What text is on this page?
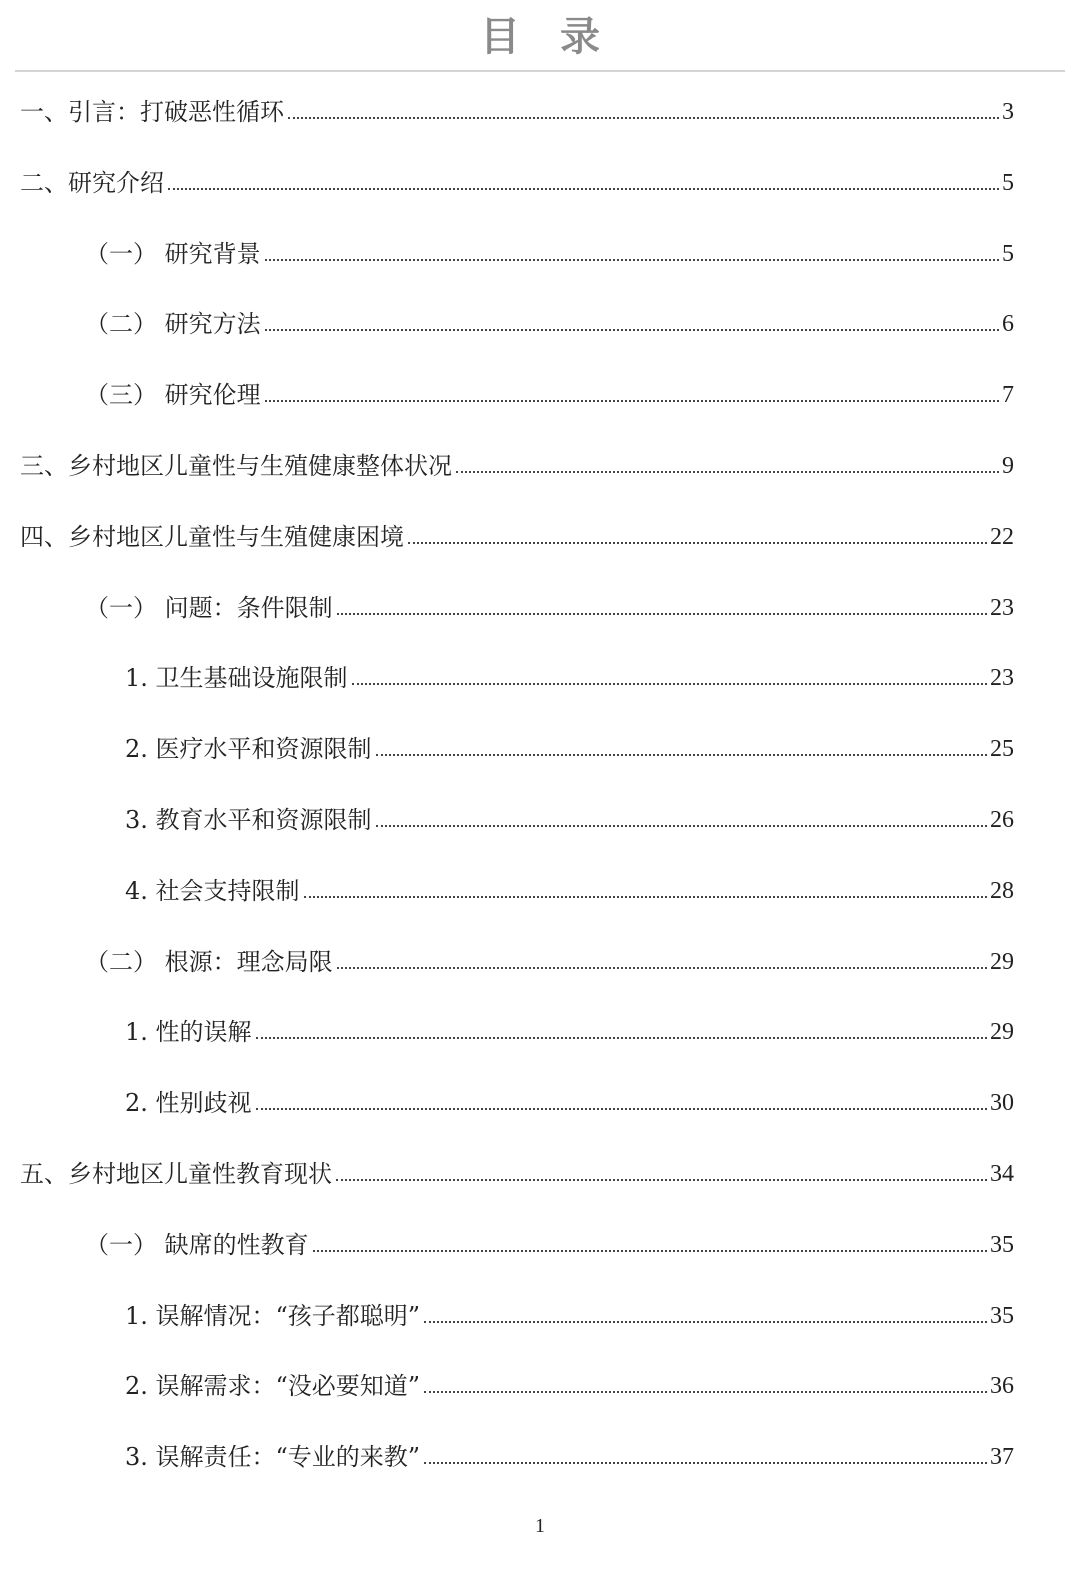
目录
一、引言：打破恶性循环	3
二、研究介绍	5
（一） 研究背景	5
（二） 研究方法	6
（三） 研究伦理	7
三、乡村地区儿童性与生殖健康整体状况	9
四、乡村地区儿童性与生殖健康困境	22
（一） 问题：条件限制	23
1. 卫生基础设施限制	23
2. 医疗水平和资源限制	25
3. 教育水平和资源限制	26
4. 社会支持限制	28
（二） 根源：理念局限	29
1. 性的误解	29
2. 性别歧视	30
五、乡村地区儿童性教育现状	34
（一） 缺席的性教育	35
1. 误解情况：“孩子都聪明”	35
2. 误解需求：“没必要知道”	36
3. 误解责任：“专业的来教”	37
1
